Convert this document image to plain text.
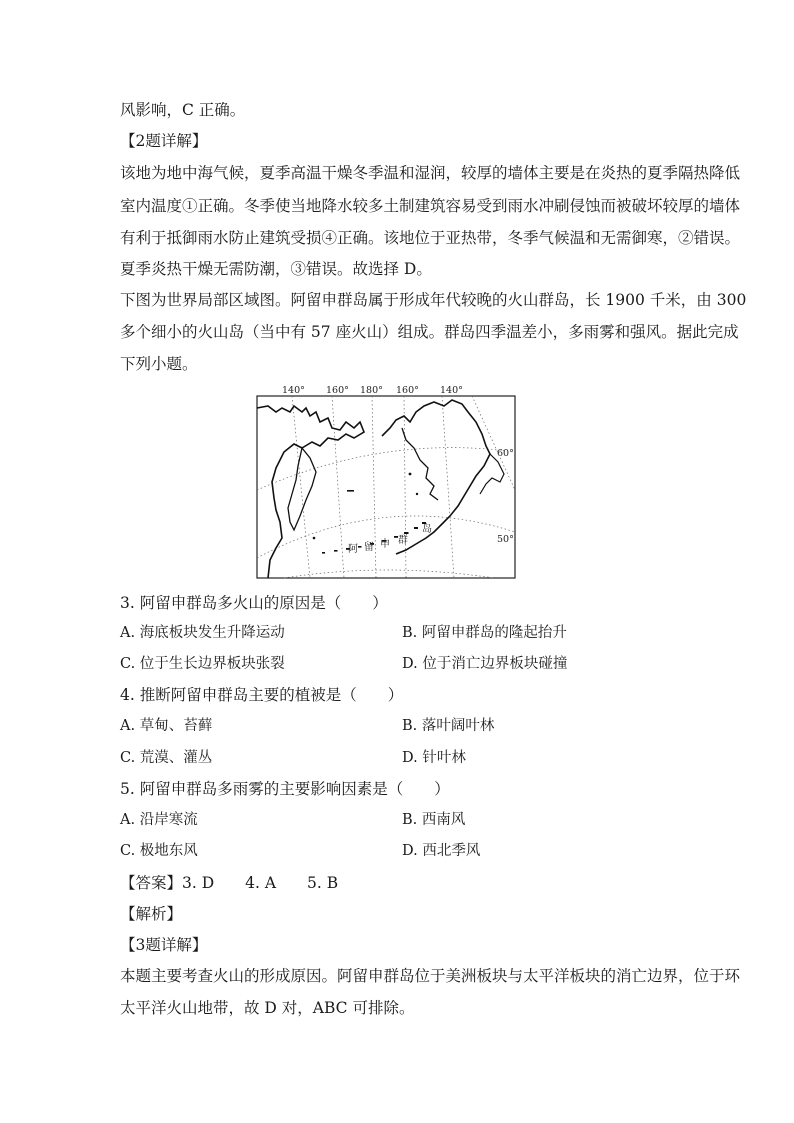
风影响，C 正确。
【2题详解】
该地为地中海气候，夏季高温干燥冬季温和湿润，较厚的墙体主要是在炎热的夏季隔热降低
室内温度①正确。冬季使当地降水较多土制建筑容易受到雨水冲刷侵蚀而被破坏较厚的墙体
有利于抵御雨水防止建筑受损④正确。该地位于亚热带，冬季气候温和无需御寒，②错误。
夏季炎热干燥无需防潮，③错误。故选择 D。
下图为世界局部区域图。阿留申群岛属于形成年代较晚的火山群岛，长 1900 千米，由 300
多个细小的火山岛（当中有 57 座火山）组成。群岛四季温差小，多雨雾和强风。据此完成
下列小题。
140° 160° 180° 160° 140°
60°
50°
阿 留 申 群
岛
3. 阿留申群岛多火山的原因是（　　）
A. 海底板块发生升降运动	B. 阿留申群岛的隆起抬升
C. 位于生长边界板块张裂	D. 位于消亡边界板块碰撞
4. 推断阿留申群岛主要的植被是（　　）
A. 草甸、苔藓	B. 落叶阔叶林
C. 荒漠、灌丛	D. 针叶林
5. 阿留申群岛多雨雾的主要影响因素是（　　）
A. 沿岸寒流	B. 西南风
C. 极地东风	D. 西北季风
【答案】3. D　　4. A　　5. B
【解析】
【3题详解】
本题主要考查火山的形成原因。阿留申群岛位于美洲板块与太平洋板块的消亡边界，位于环
太平洋火山地带，故 D 对，ABC 可排除。
